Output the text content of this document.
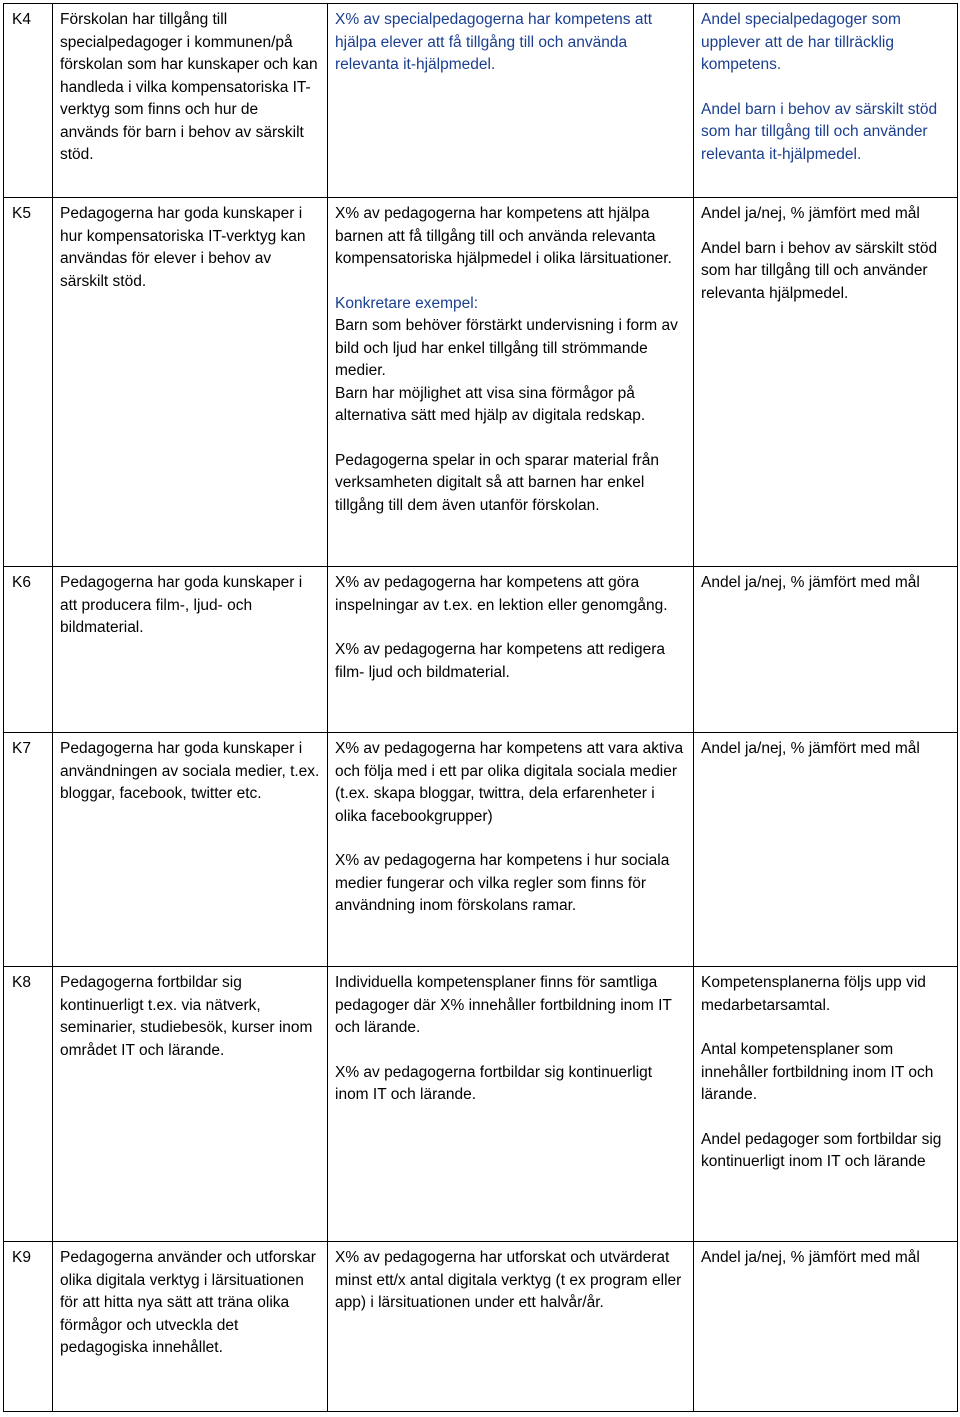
K4	Förskolan har tillgång till specialpedagoger i kommunen/på förskolan som har kunskaper och kan handleda i vilka kompensatoriska IT-verktyg som finns och hur de används för barn i behov av särskilt stöd.	X% av specialpedagogerna har kompetens att hjälpa elever att få tillgång till och använda relevanta it-hjälpmedel.	Andel specialpedagoger som upplever att de har tillräcklig kompetens.
Andel barn i behov av särskilt stöd som har tillgång till och använder relevanta it-hjälpmedel.

K5	Pedagogerna har goda kunskaper i hur kompensatoriska IT-verktyg kan användas för elever i behov av särskilt stöd.	X% av pedagogerna har kompetens att hjälpa barnen att få tillgång till och använda relevanta kompensatoriska hjälpmedel i olika lärsituationer.
Konkretare exempel:
Barn som behöver förstärkt undervisning i form av bild och ljud har enkel tillgång till strömmande medier.
Barn har möjlighet att visa sina förmågor på alternativa sätt med hjälp av digitala redskap.
Pedagogerna spelar in och sparar material från verksamheten digitalt så att barnen har enkel tillgång till dem även utanför förskolan.	Andel ja/nej, % jämfört med mål
Andel barn i behov av särskilt stöd som har tillgång till och använder relevanta hjälpmedel.

K6	Pedagogerna har goda kunskaper i att producera film-, ljud- och bildmaterial.	X% av pedagogerna har kompetens att göra inspelningar av t.ex. en lektion eller genomgång.
X% av pedagogerna har kompetens att redigera film- ljud och bildmaterial.	Andel ja/nej, % jämfört med mål

K7	Pedagogerna har goda kunskaper i användningen av sociala medier, t.ex. bloggar, facebook, twitter etc.	X% av pedagogerna har kompetens att vara aktiva och följa med i ett par olika digitala sociala medier (t.ex. skapa bloggar, twittra, dela erfarenheter i olika facebookgrupper)
X% av pedagogerna har kompetens i hur sociala medier fungerar och vilka regler som finns för användning inom förskolans ramar.	Andel ja/nej, % jämfört med mål

K8	Pedagogerna fortbildar sig kontinuerligt t.ex. via nätverk, seminarier, studiebesök, kurser inom området IT och lärande.	Individuella kompetensplaner finns för samtliga pedagoger där X% innehåller fortbildning inom IT och lärande.
X% av pedagogerna fortbildar sig kontinuerligt inom IT och lärande.	Kompetensplanerna följs upp vid medarbetarsamtal.
Antal kompetensplaner som innehåller fortbildning inom IT och lärande.
Andel pedagoger som fortbildar sig kontinuerligt inom IT och lärande

K9	Pedagogerna använder och utforskar olika digitala verktyg i lärsituationen för att hitta nya sätt att träna olika förmågor och utveckla det pedagogiska innehållet.	X% av pedagogerna har utforskat och utvärderat minst ett/x antal digitala verktyg (t ex program eller app) i lärsituationen under ett halvår/år.	Andel ja/nej, % jämfört med mål
